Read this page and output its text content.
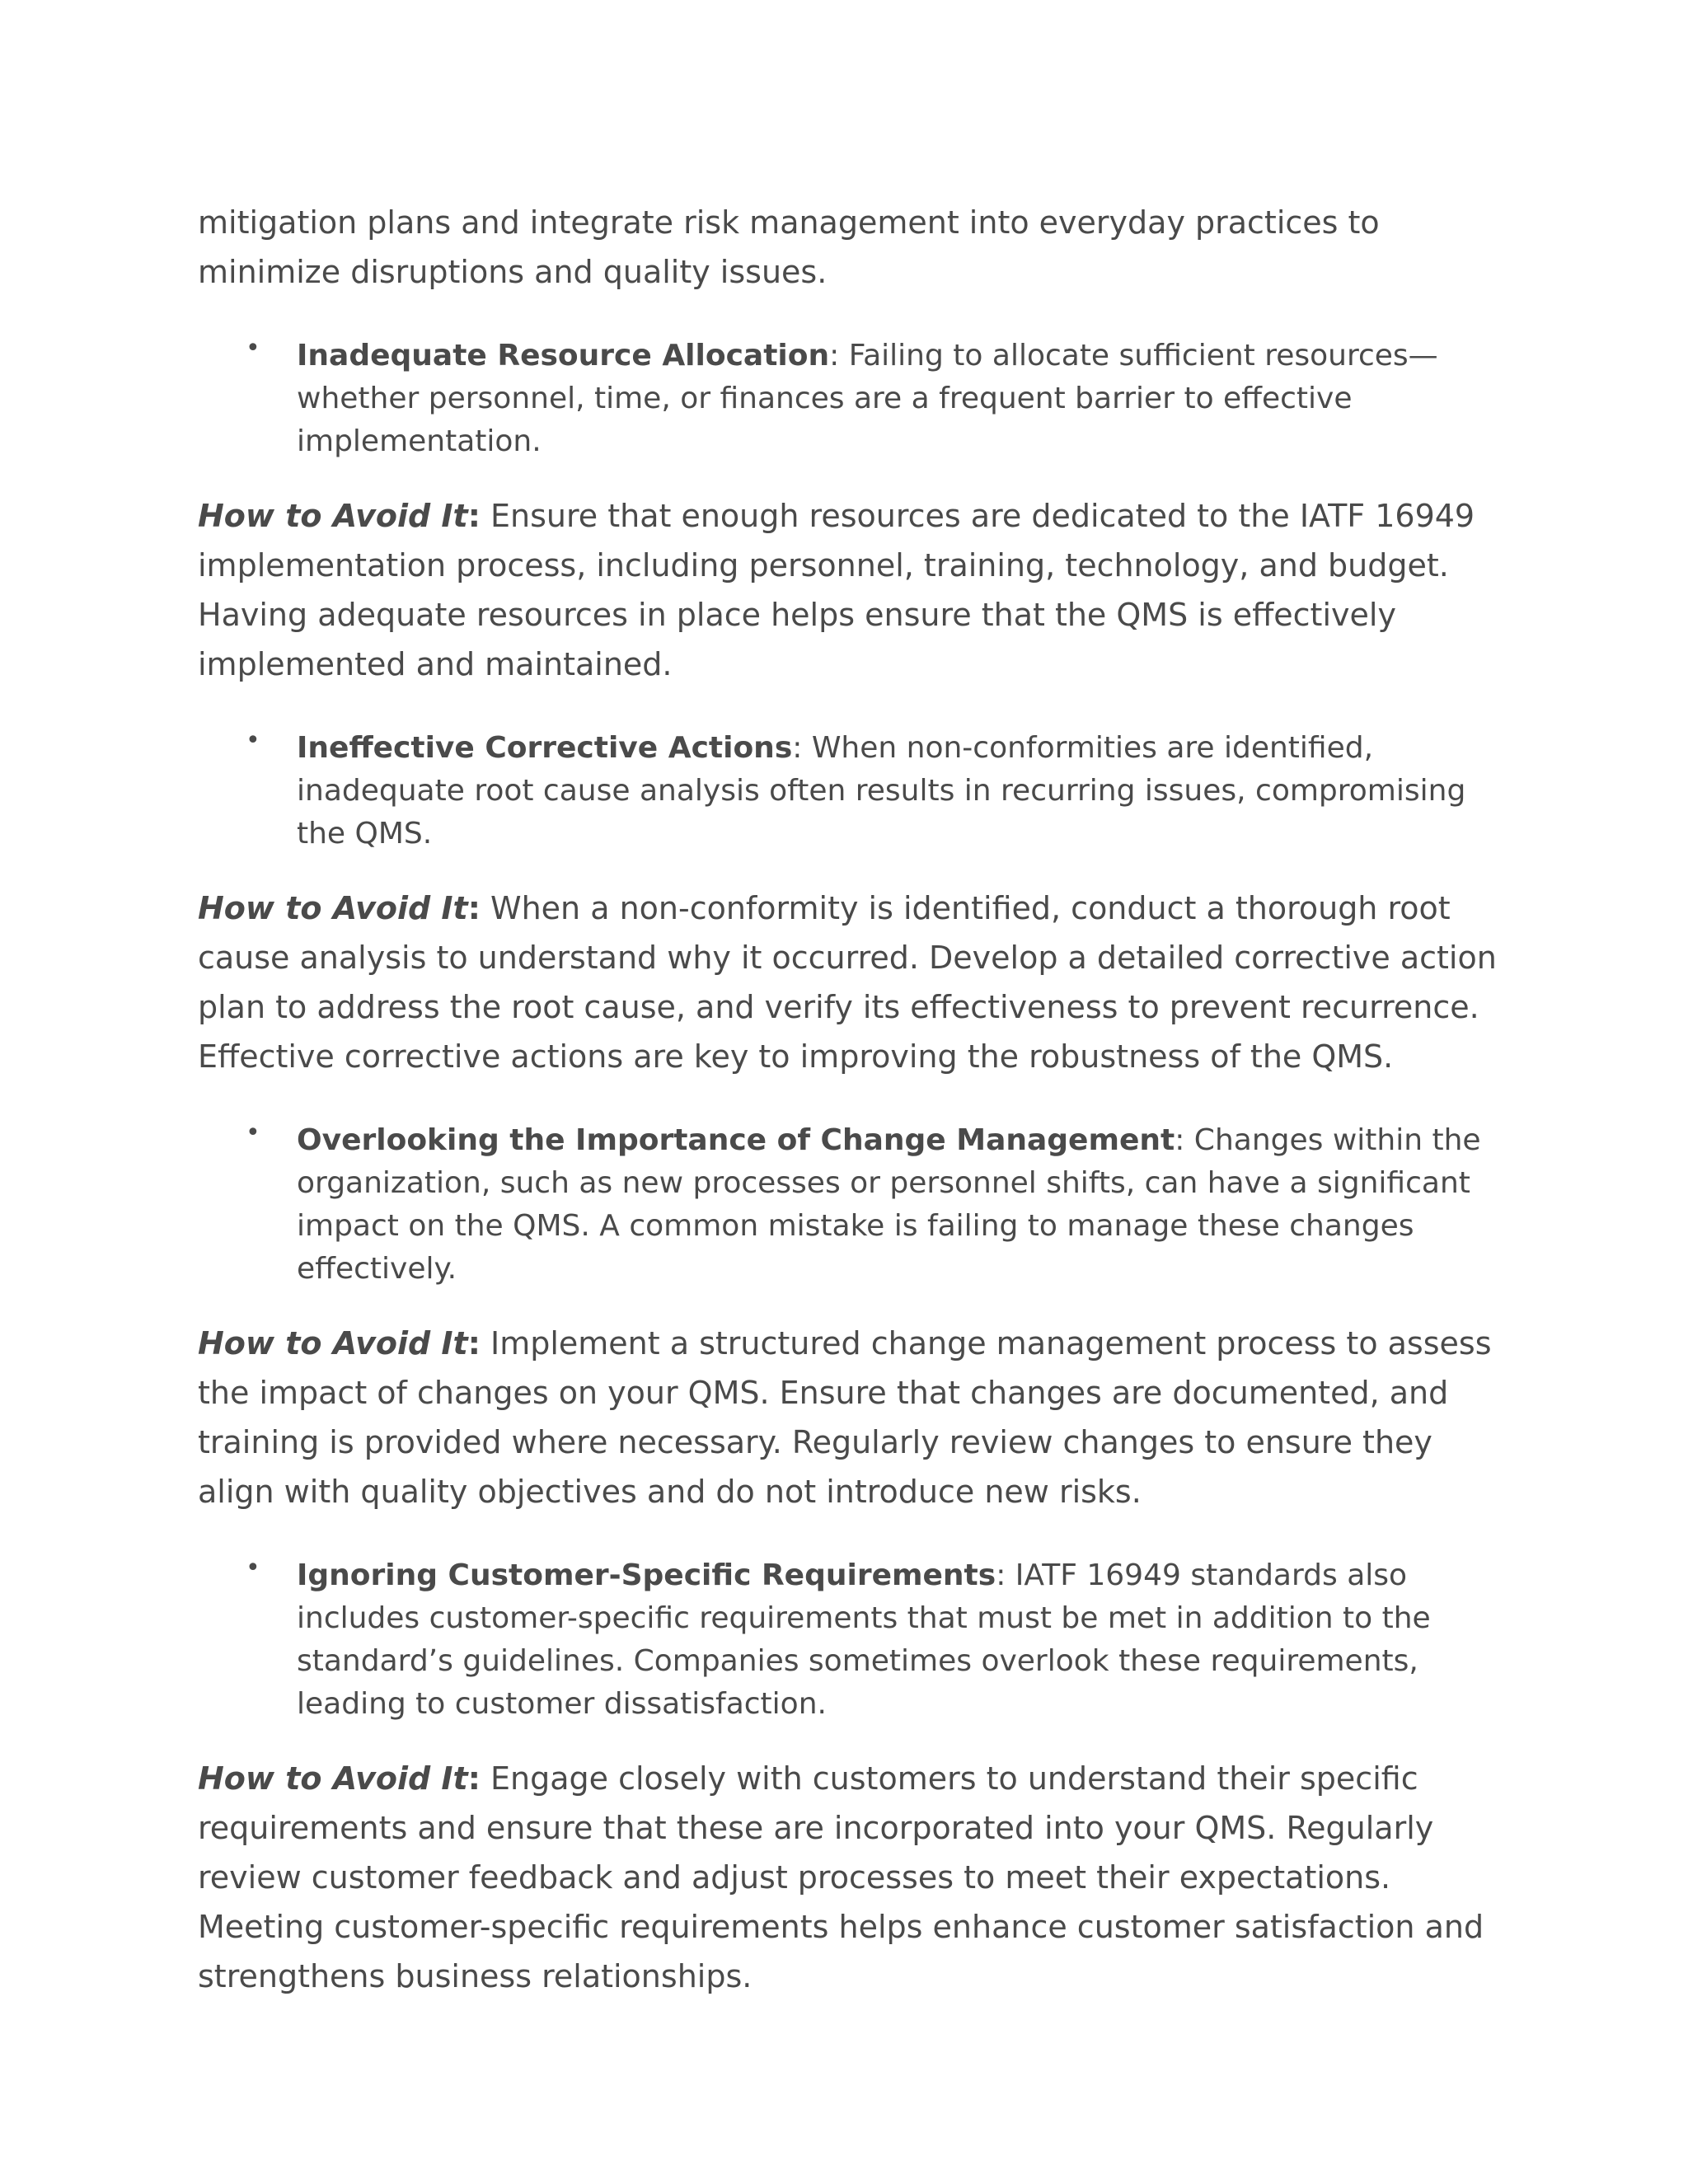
mitigation plans and integrate risk management into everyday practices to minimize disruptions and quality issues.

• Inadequate Resource Allocation: Failing to allocate sufficient resources—whether personnel, time, or finances are a frequent barrier to effective implementation.

How to Avoid It: Ensure that enough resources are dedicated to the IATF 16949 implementation process, including personnel, training, technology, and budget. Having adequate resources in place helps ensure that the QMS is effectively implemented and maintained.

• Ineffective Corrective Actions: When non-conformities are identified, inadequate root cause analysis often results in recurring issues, compromising the QMS.

How to Avoid It: When a non-conformity is identified, conduct a thorough root cause analysis to understand why it occurred. Develop a detailed corrective action plan to address the root cause, and verify its effectiveness to prevent recurrence. Effective corrective actions are key to improving the robustness of the QMS.

• Overlooking the Importance of Change Management: Changes within the organization, such as new processes or personnel shifts, can have a significant impact on the QMS. A common mistake is failing to manage these changes effectively.

How to Avoid It: Implement a structured change management process to assess the impact of changes on your QMS. Ensure that changes are documented, and training is provided where necessary. Regularly review changes to ensure they align with quality objectives and do not introduce new risks.

• Ignoring Customer-Specific Requirements: IATF 16949 standards also includes customer-specific requirements that must be met in addition to the standard’s guidelines. Companies sometimes overlook these requirements, leading to customer dissatisfaction.

How to Avoid It: Engage closely with customers to understand their specific requirements and ensure that these are incorporated into your QMS. Regularly review customer feedback and adjust processes to meet their expectations. Meeting customer-specific requirements helps enhance customer satisfaction and strengthens business relationships.
